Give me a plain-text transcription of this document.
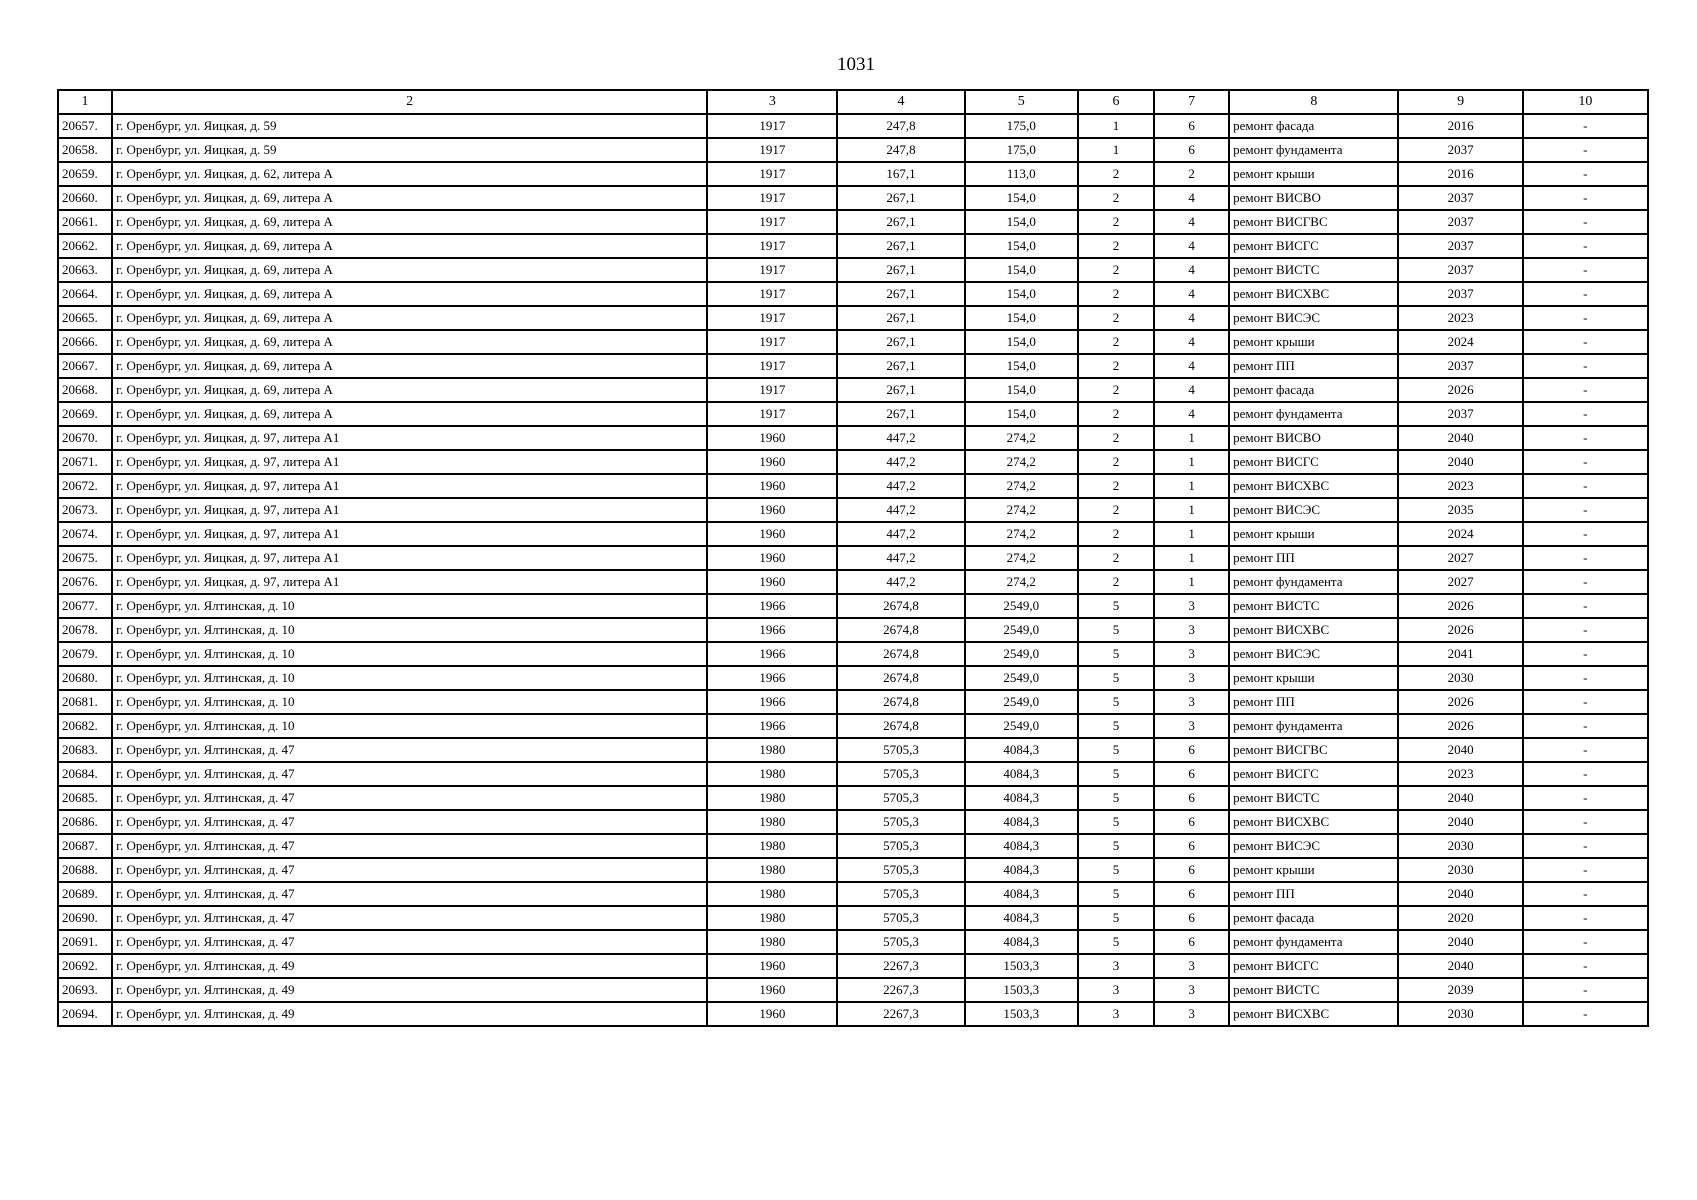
1031
1	2	3	4	5	6	7	8	9	10
20657.	г. Оренбург, ул. Яицкая, д. 59	1917	247,8	175,0	1	6	ремонт фасада	2016	-
20658.	г. Оренбург, ул. Яицкая, д. 59	1917	247,8	175,0	1	6	ремонт фундамента	2037	-
20659.	г. Оренбург, ул. Яицкая, д. 62, литера А	1917	167,1	113,0	2	2	ремонт крыши	2016	-
20660.	г. Оренбург, ул. Яицкая, д. 69, литера А	1917	267,1	154,0	2	4	ремонт ВИСВО	2037	-
20661.	г. Оренбург, ул. Яицкая, д. 69, литера А	1917	267,1	154,0	2	4	ремонт ВИСГВС	2037	-
20662.	г. Оренбург, ул. Яицкая, д. 69, литера А	1917	267,1	154,0	2	4	ремонт ВИСГС	2037	-
20663.	г. Оренбург, ул. Яицкая, д. 69, литера А	1917	267,1	154,0	2	4	ремонт ВИСТС	2037	-
20664.	г. Оренбург, ул. Яицкая, д. 69, литера А	1917	267,1	154,0	2	4	ремонт ВИСХВС	2037	-
20665.	г. Оренбург, ул. Яицкая, д. 69, литера А	1917	267,1	154,0	2	4	ремонт ВИСЭС	2023	-
20666.	г. Оренбург, ул. Яицкая, д. 69, литера А	1917	267,1	154,0	2	4	ремонт крыши	2024	-
20667.	г. Оренбург, ул. Яицкая, д. 69, литера А	1917	267,1	154,0	2	4	ремонт ПП	2037	-
20668.	г. Оренбург, ул. Яицкая, д. 69, литера А	1917	267,1	154,0	2	4	ремонт фасада	2026	-
20669.	г. Оренбург, ул. Яицкая, д. 69, литера А	1917	267,1	154,0	2	4	ремонт фундамента	2037	-
20670.	г. Оренбург, ул. Яицкая, д. 97, литера А1	1960	447,2	274,2	2	1	ремонт ВИСВО	2040	-
20671.	г. Оренбург, ул. Яицкая, д. 97, литера А1	1960	447,2	274,2	2	1	ремонт ВИСГС	2040	-
20672.	г. Оренбург, ул. Яицкая, д. 97, литера А1	1960	447,2	274,2	2	1	ремонт ВИСХВС	2023	-
20673.	г. Оренбург, ул. Яицкая, д. 97, литера А1	1960	447,2	274,2	2	1	ремонт ВИСЭС	2035	-
20674.	г. Оренбург, ул. Яицкая, д. 97, литера А1	1960	447,2	274,2	2	1	ремонт крыши	2024	-
20675.	г. Оренбург, ул. Яицкая, д. 97, литера А1	1960	447,2	274,2	2	1	ремонт ПП	2027	-
20676.	г. Оренбург, ул. Яицкая, д. 97, литера А1	1960	447,2	274,2	2	1	ремонт фундамента	2027	-
20677.	г. Оренбург, ул. Ялтинская, д. 10	1966	2674,8	2549,0	5	3	ремонт ВИСТС	2026	-
20678.	г. Оренбург, ул. Ялтинская, д. 10	1966	2674,8	2549,0	5	3	ремонт ВИСХВС	2026	-
20679.	г. Оренбург, ул. Ялтинская, д. 10	1966	2674,8	2549,0	5	3	ремонт ВИСЭС	2041	-
20680.	г. Оренбург, ул. Ялтинская, д. 10	1966	2674,8	2549,0	5	3	ремонт крыши	2030	-
20681.	г. Оренбург, ул. Ялтинская, д. 10	1966	2674,8	2549,0	5	3	ремонт ПП	2026	-
20682.	г. Оренбург, ул. Ялтинская, д. 10	1966	2674,8	2549,0	5	3	ремонт фундамента	2026	-
20683.	г. Оренбург, ул. Ялтинская, д. 47	1980	5705,3	4084,3	5	6	ремонт ВИСГВС	2040	-
20684.	г. Оренбург, ул. Ялтинская, д. 47	1980	5705,3	4084,3	5	6	ремонт ВИСГС	2023	-
20685.	г. Оренбург, ул. Ялтинская, д. 47	1980	5705,3	4084,3	5	6	ремонт ВИСТС	2040	-
20686.	г. Оренбург, ул. Ялтинская, д. 47	1980	5705,3	4084,3	5	6	ремонт ВИСХВС	2040	-
20687.	г. Оренбург, ул. Ялтинская, д. 47	1980	5705,3	4084,3	5	6	ремонт ВИСЭС	2030	-
20688.	г. Оренбург, ул. Ялтинская, д. 47	1980	5705,3	4084,3	5	6	ремонт крыши	2030	-
20689.	г. Оренбург, ул. Ялтинская, д. 47	1980	5705,3	4084,3	5	6	ремонт ПП	2040	-
20690.	г. Оренбург, ул. Ялтинская, д. 47	1980	5705,3	4084,3	5	6	ремонт фасада	2020	-
20691.	г. Оренбург, ул. Ялтинская, д. 47	1980	5705,3	4084,3	5	6	ремонт фундамента	2040	-
20692.	г. Оренбург, ул. Ялтинская, д. 49	1960	2267,3	1503,3	3	3	ремонт ВИСГС	2040	-
20693.	г. Оренбург, ул. Ялтинская, д. 49	1960	2267,3	1503,3	3	3	ремонт ВИСТС	2039	-
20694.	г. Оренбург, ул. Ялтинская, д. 49	1960	2267,3	1503,3	3	3	ремонт ВИСХВС	2030	-
